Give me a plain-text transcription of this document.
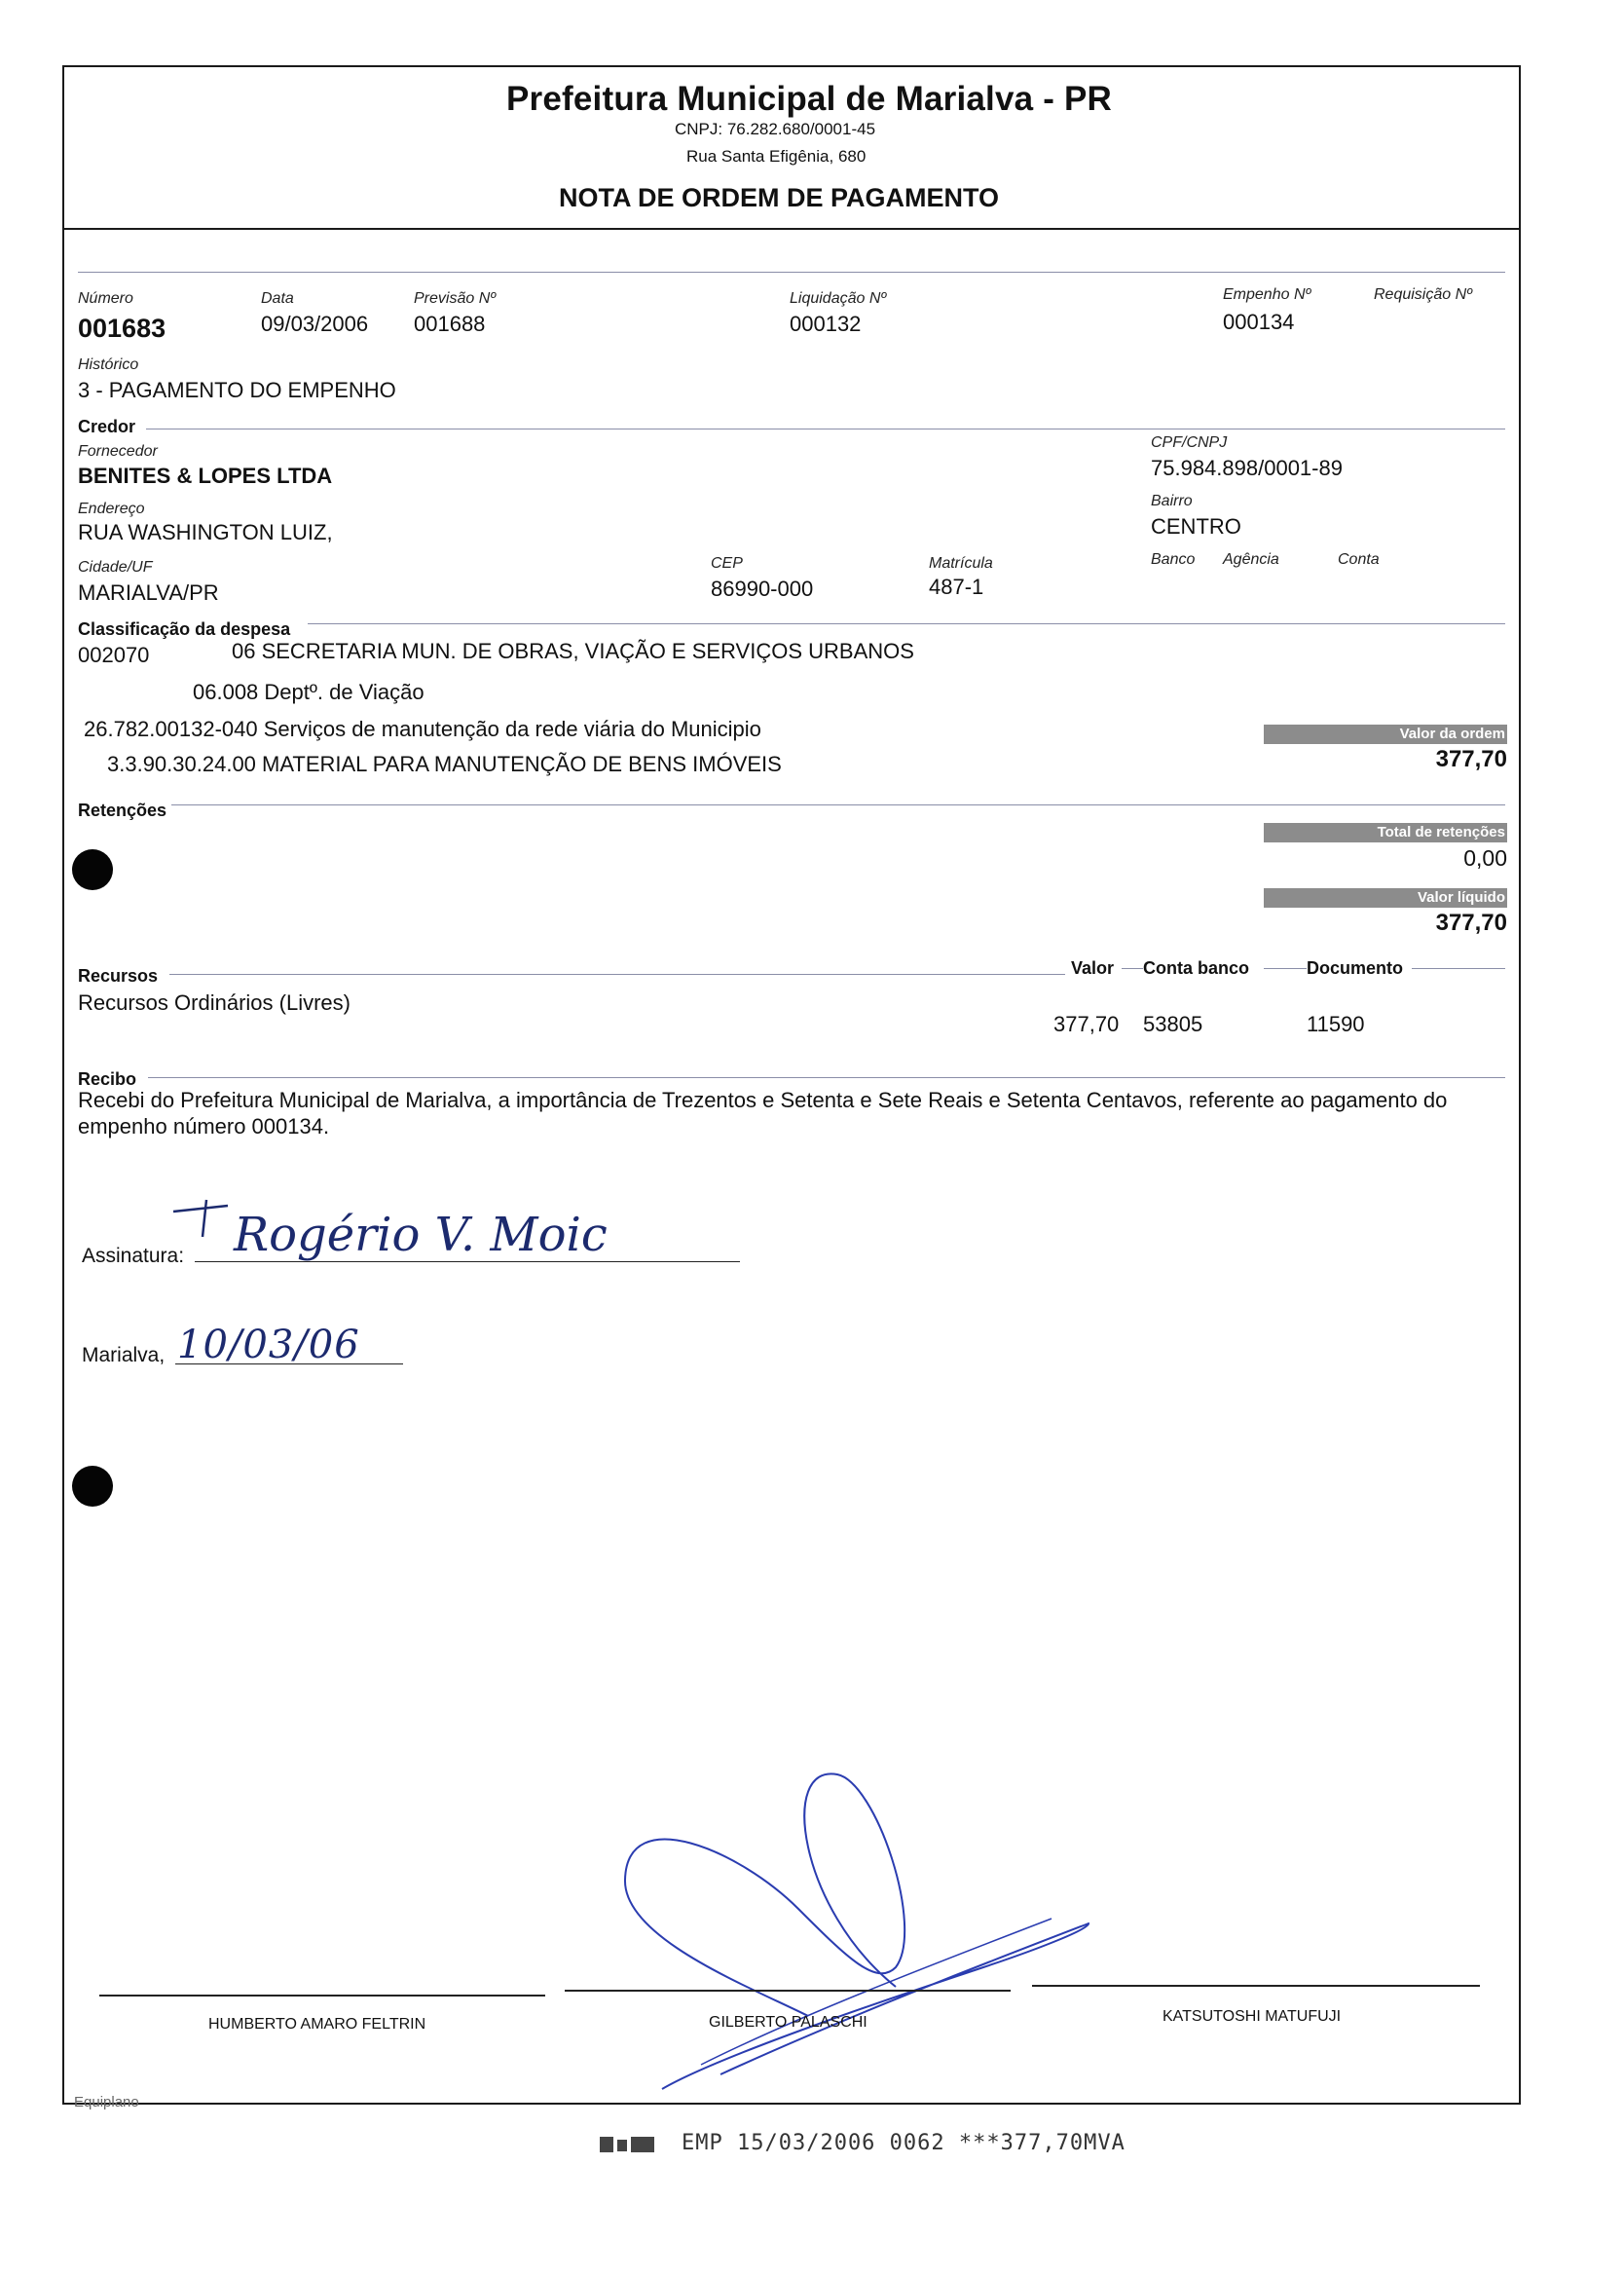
Prefeitura Municipal de Marialva - PR
CNPJ: 76.282.680/0001-45
Rua Santa Efigênia, 680
NOTA DE ORDEM DE PAGAMENTO
Número
001683
Data
09/03/2006
Previsão Nº
001688
Liquidação Nº
000132
Empenho Nº
000134
Requisição Nº
Histórico
3 - PAGAMENTO DO EMPENHO
Credor
Fornecedor
BENITES & LOPES LTDA
CPF/CNPJ
75.984.898/0001-89
Endereço
RUA WASHINGTON LUIZ,
Bairro
CENTRO
Cidade/UF
MARIALVA/PR
CEP
86990-000
Matrícula
487-1
Banco Agência	Conta
Classificação da despesa
002070	06 SECRETARIA MUN. DE OBRAS, VIAÇÃO E SERVIÇOS URBANOS
06.008 Deptº. de Viação
26.782.00132-040 Serviços de manutenção da rede viária do Municipio
3.3.90.30.24.00 MATERIAL PARA MANUTENÇÃO DE BENS IMÓVEIS
Valor da ordem
377,70
Retenções
Total de retenções
0,00
Valor líquido
377,70
Recursos	Valor Conta banco	Documento
Recursos Ordinários (Livres)
377,70 53805	11590
Recibo
Recebi do Prefeitura Municipal de Marialva, a importância de Trezentos e Setenta e Sete Reais e Setenta Centavos, referente ao pagamento do empenho número 000134.
Assinatura: Rogério V. Moic
Marialva, 10/03/06
HUMBERTO AMARO FELTRIN	GILBERTO PALASCHI	KATSUTOSHI MATUFUJI
Equiplano
EMP 15/03/2006 0062 ***377,70MVA
